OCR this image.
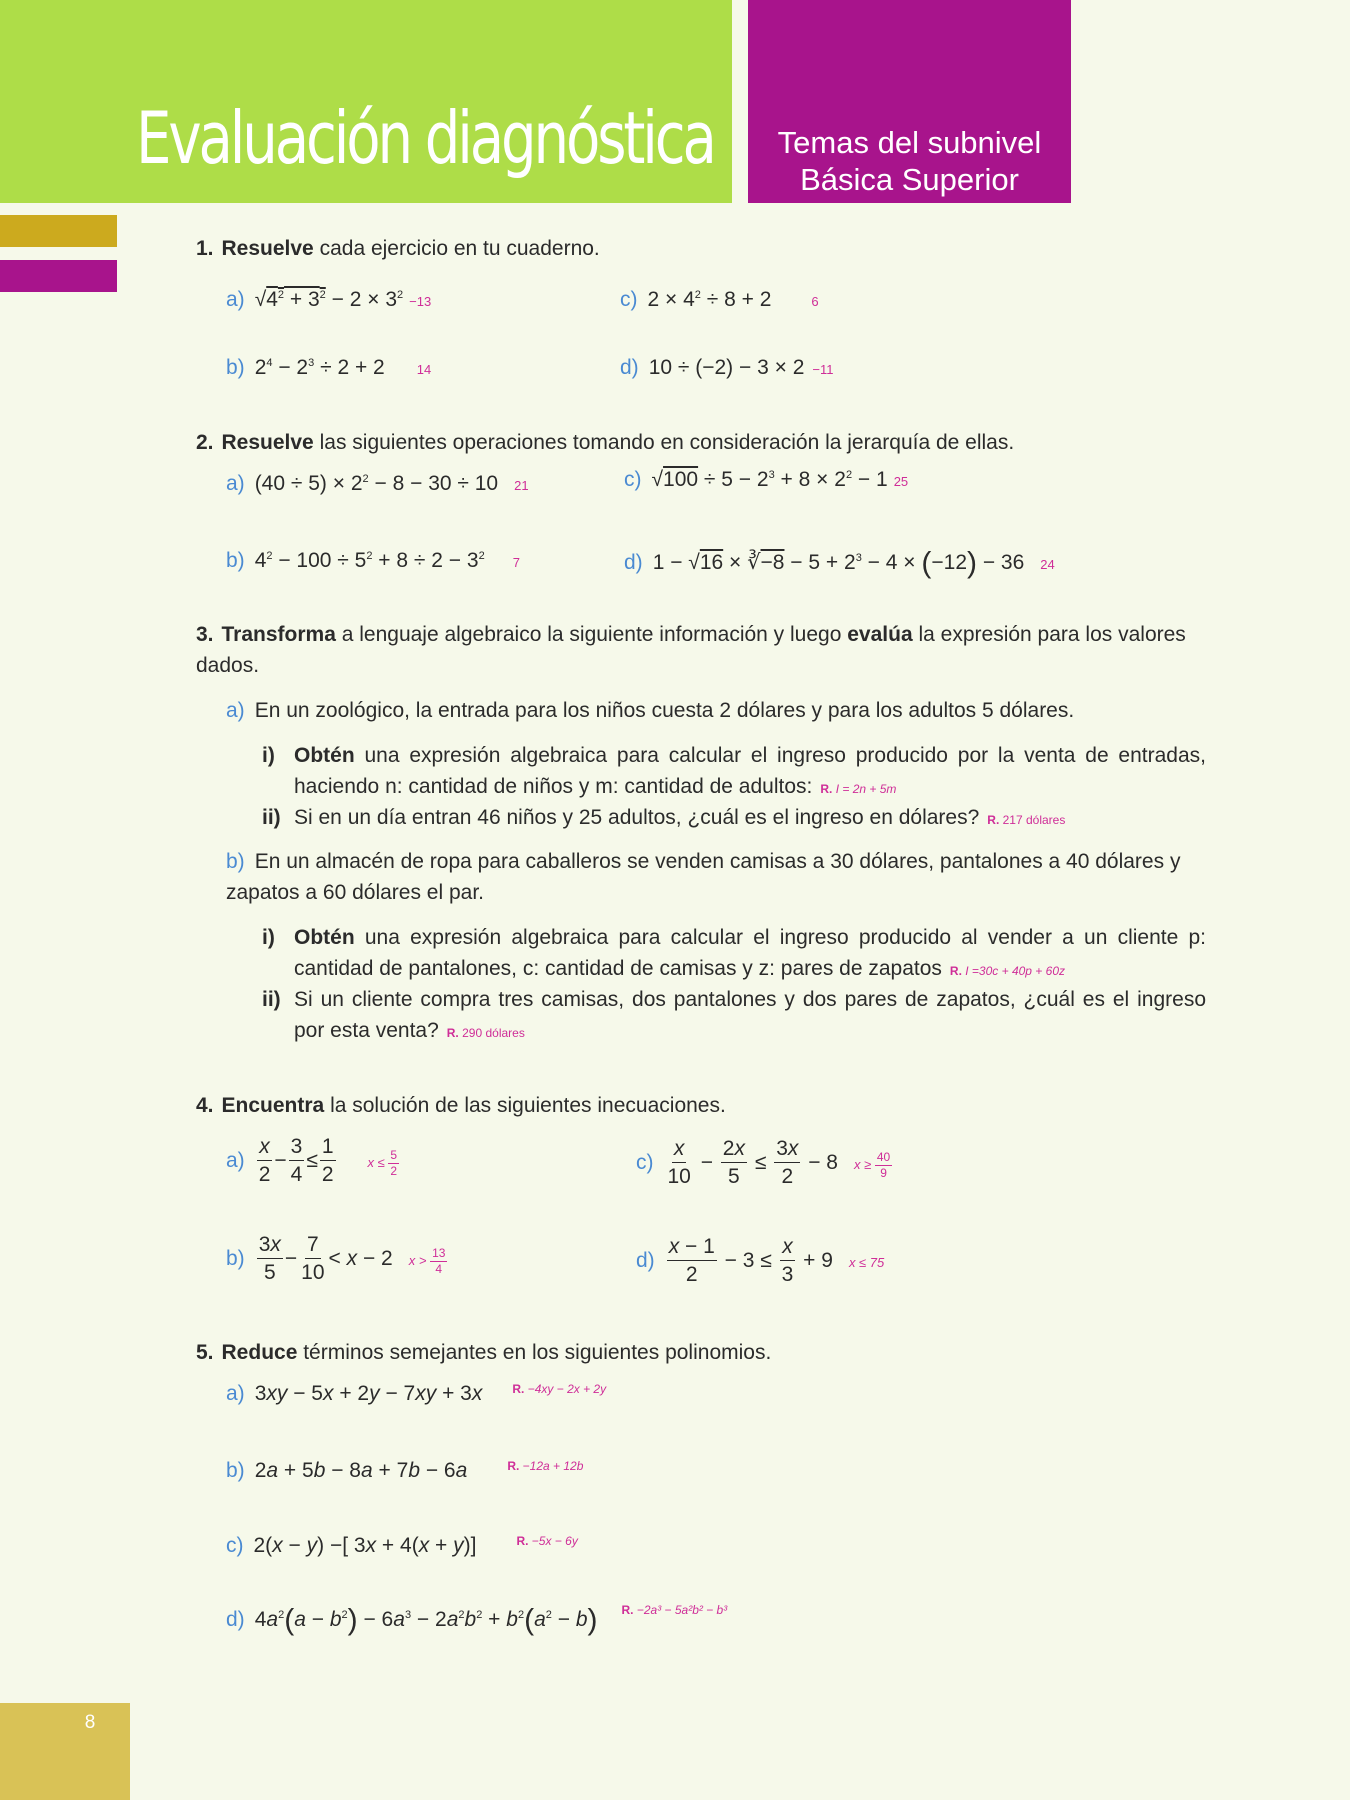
Evaluación diagnóstica	Temas del subnivel
Básica Superior
1. Resuelve cada ejercicio en tu cuaderno.
a) $√4^2 + 3^2 - 2 \times 3^2 -13$	c) $2 \times 4^2 \div 8 + 2$	6
b) $2^4 - 2^3 \div 2 + 2$ 14	d) 10 ÷ (−2) − 3 × 2 −11
2. Resuelve las siguientes operaciones tomando en consideración la jerarquía de ellas.
a) $(40 \div 5) \times 2^2 - 8 - 30 \div 10$ 21	c) $√100 \div 5 - 2^3 + 8 \times 2^2 - 1$ 25
b) $4^2 - 100 \div 5^2 + 8 \div 2 - 3^2$ 7	d) 1 − √16 × ∛−8 − $5 + 2^3 - 4 \times (-12) - 36$ 24
3. Transforma a lenguaje algebraico la siguiente información y luego evalúa la expresión para los valores dados.
a) En un zoológico, la entrada para los niños cuesta 2 dólares y para los adultos 5 dólares.
i) Obtén una expresión algebraica para calcular el ingreso producido por la venta de entradas, haciendo n: cantidad de niños y m: cantidad de adultos: R. I = 2n + 5m
ii) Si en un día entran 46 niños y 25 adultos, ¿cuál es el ingreso en dólares? R. 217 dólares
b) En un almacén de ropa para caballeros se venden camisas a 30 dólares, pantalones a 40 dólares y zapatos a 60 dólares el par.
i) Obtén una expresión algebraica para calcular el ingreso producido al vender a un cliente p: cantidad de pantalones, c: cantidad de camisas y z: pares de zapatos R. I =30c + 40p + 60z
ii) Si un cliente compra tres camisas, dos pantalones y dos pares de zapatos, ¿cuál es el ingreso por esta venta? R. 290 dólares
4. Encuentra la solución de las siguientes inecuaciones.
$a) \frac{x}{2} - \frac{3}{4} \le \frac{1}{2}$ $x \le \frac{5}{2}$	$c) \frac{x}{10} - \frac{2x}{5} \le \frac{3x}{2} - 8$ $x \ge \frac{40}{9}$
$b) \frac{3x}{5} - \frac{7}{10} < x - 2$ $x > \frac{13}{4}$	$d) \frac{x - 1}{2} - 3 \le \frac{x}{3} + 9$ x ≤ 75
5. Reduce términos semejantes en los siguientes polinomios.
a) 3xy − 5x + 2y − 7xy + 3x	$^{R. -4xy - 2x + 2y}$
b) 2a + 5b − 8a + 7b − 6a	$^{R. -12a + 12b}$
c) 2(x − y) −[ 3x + 4(x + y)]	$^{R. -5x - 6y}$
d) $4a^2(a - b^2) - 6a^3 - 2a^2b^2 + b^2(a^2 - b)$ $^{R. -2a^3 - 5a^2b^2 - b^3}$
8
